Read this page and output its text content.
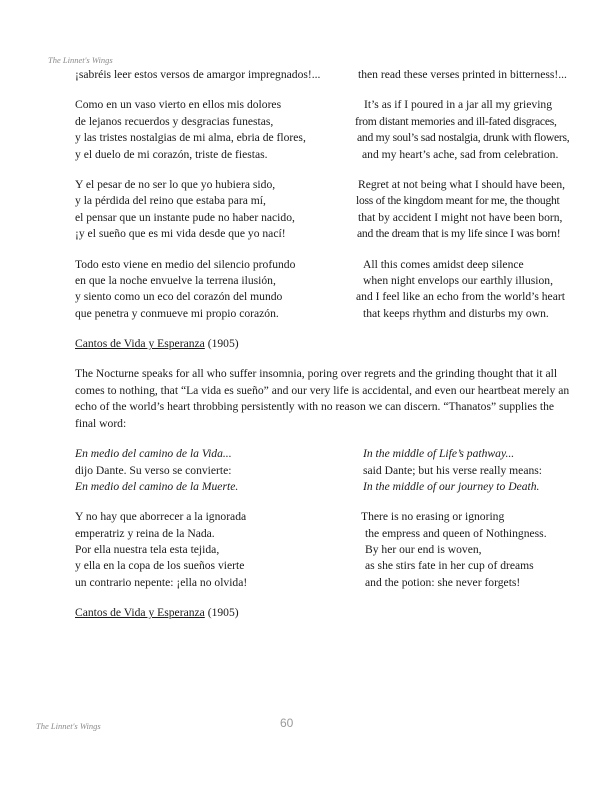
The Linnet's Wings
¡sabréis leer estos versos de amargor impregnados!...	then read these verses printed in bitterness!...
Como en un vaso vierto en ellos mis dolores	It’s as if I poured in a jar all my grieving
de lejanos recuerdos y desgracias funestas,	from distant memories and ill-fated disgraces,
y las tristes nostalgias de mi alma, ebria de flores,	and my soul’s sad nostalgia, drunk with flowers,
y el duelo de mi corazón, triste de fiestas.	and my heart’s ache, sad from celebration.
Y el pesar de no ser lo que yo hubiera sido,	Regret at not being what I should have been,
y la pérdida del reino que estaba para mí,	loss of the kingdom meant for me, the thought
el pensar que un instante pude no haber nacido,	that by accident I might not have been born,
¡y el sueño que es mi vida desde que yo nací!	and the dream that is my life since I was born!
Todo esto viene en medio del silencio profundo	All this comes amidst deep silence
en que la noche envuelve la terrena ilusión,	when night envelops our earthly illusion,
y siento como un eco del corazón del mundo	and I feel like an echo from the world’s heart
que penetra y conmueve mi propio corazón.	that keeps rhythm and disturbs my own.
Cantos de Vida y Esperanza (1905)
The Nocturne speaks for all who suffer insomnia, poring over regrets and the grinding thought that it all comes to nothing, that “La vida es sueño” and our very life is accidental, and even our heartbeat merely an echo of the world’s heart throbbing persistently with no reason we can discern. “Thanatos” supplies the final word:
En medio del camino de la Vida...	In the middle of Life’s pathway...
dijo Dante. Su verso se convierte:	said Dante; but his verse really means:
En medio del camino de la Muerte.	In the middle of our journey to Death.
Y no hay que aborrecer a la ignorada	There is no erasing or ignoring
emperatriz y reina de la Nada.	the empress and queen of Nothingness.
Por ella nuestra tela esta tejida,	By her our end is woven,
y ella en la copa de los sueños vierte	as she stirs fate in her cup of dreams
un contrario nepente: ¡ella no olvida!	and the potion: she never forgets!
Cantos de Vida y Esperanza (1905)
The Linnet's Wings	60
